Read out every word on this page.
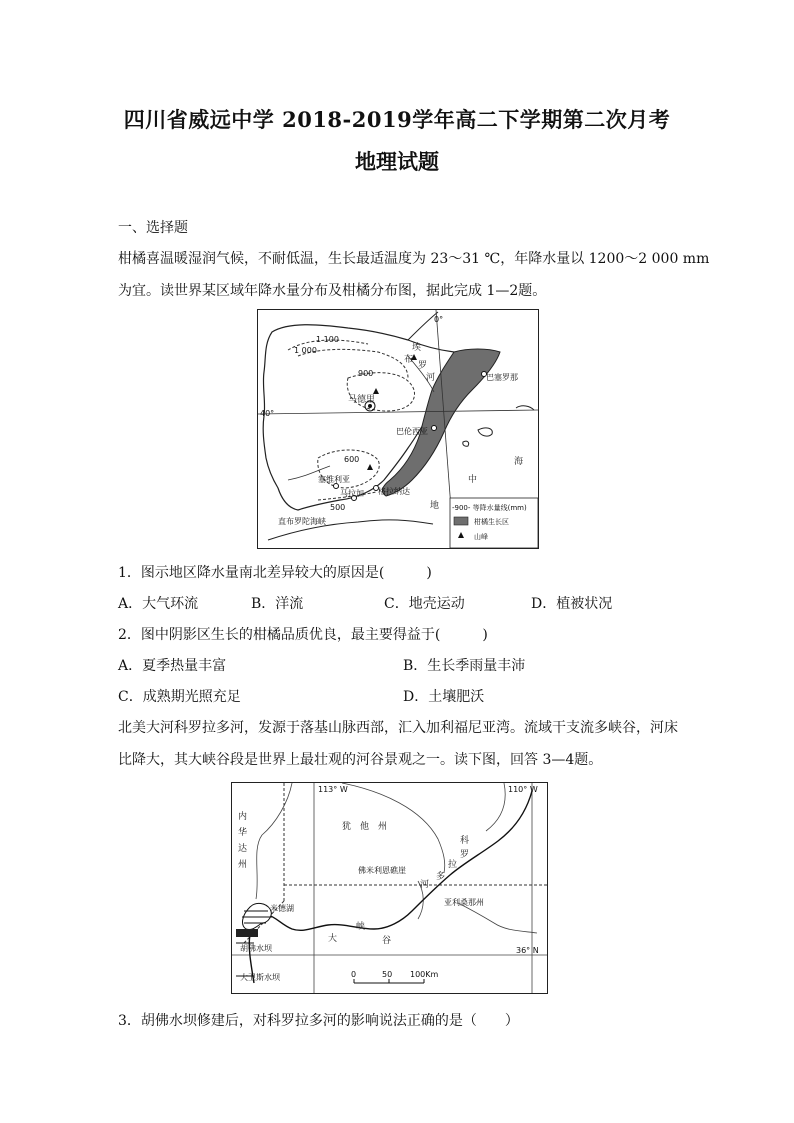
四川省威远中学 2018-2019学年高二下学期第二次月考
地理试题
一、选择题
柑橘喜温暖湿润气候，不耐低温，生长最适温度为 23～31 ℃，年降水量以 1200～2 000 mm
为宜。读世界某区域年降水量分布及柑橘分布图，据此完成 1—2题。
0°
40°
1 100
1 000
900
600
500
马德里
巴塞罗那
巴伦西亚
塞维利亚
格拉纳达
马拉加
直布罗陀海峡
埃
布
罗
河
海
中
地 -900- 等降水量线(mm)
柑橘生长区
山峰
1．图示地区降水量南北差异较大的原因是(　　　)
A．大气环流	B．洋流	C．地壳运动	D．植被状况
2．图中阴影区生长的柑橘品质优良，最主要得益于(　　　)
A．夏季热量丰富	B．生长季雨量丰沛
C．成熟期光照充足	D．土壤肥沃
北美大河科罗拉多河，发源于落基山脉西部，汇入加利福尼亚湾。流域干支流多峡谷，河床
比降大，其大峡谷段是世界上最壮观的河谷景观之一。读下图，回答 3—4题。
113° W	110° W
36° N
内
华
达
州
犹　他　州
科
罗
拉
多
河
佛米利恩礁崖
亚利桑那州
米德湖
大
峡
谷
胡佛水坝
大卫斯水坝	0	50 100Km
3．胡佛水坝修建后，对科罗拉多河的影响说法正确的是（　　）
